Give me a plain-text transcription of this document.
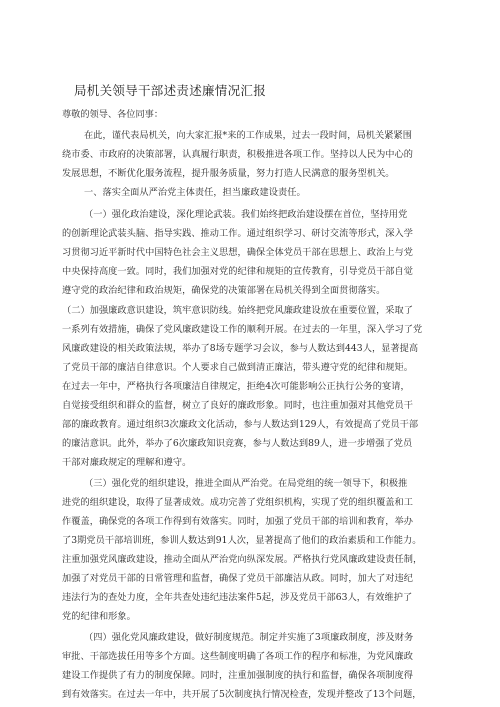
局机关领导干部述责述廉情况汇报
尊敬的领导、各位同事：
在此，谨代表局机关，向大家汇报*来的工作成果，过去一段时间，局机关紧紧围
绕市委、市政府的决策部署，认真履行职责，积极推进各项工作。坚持以人民为中心的
发展思想，不断优化服务流程，提升服务质量，努力打造人民满意的服务型机关。
一、落实全面从严治党主体责任，担当廉政建设责任。
（一）强化政治建设，深化理论武装。我们始终把政治建设摆在首位，坚持用党
的创新理论武装头脑、指导实践、推动工作。通过组织学习、研讨交流等形式，深入学
习贯彻习近平新时代中国特色社会主义思想，确保全体党员干部在思想上、政治上与党
中央保持高度一致。同时，我们加强对党的纪律和规矩的宣传教育，引导党员干部自觉
遵守党的政治纪律和政治规矩，确保党的决策部署在局机关得到全面贯彻落实。
（二）加强廉政意识建设，筑牢意识防线。始终把党风廉政建设放在重要位置，采取了
一系列有效措施，确保了党风廉政建设工作的顺利开展。在过去的一年里，深入学习了党
风廉政建设的相关政策法规，举办了8场专题学习会议，参与人数达到443人，显著提高
了党员干部的廉洁自律意识。个人要求自己做到清正廉洁，带头遵守党的纪律和规矩。
在过去一年中，严格执行各项廉洁自律规定，拒绝4次可能影响公正执行公务的宴请，
自觉接受组织和群众的监督，树立了良好的廉政形象。同时，也注重加强对其他党员干
部的廉政教育。通过组织3次廉政文化活动，参与人数达到129人，有效提高了党员干部
的廉洁意识。此外，举办了6次廉政知识竞赛，参与人数达到89人，进一步增强了党员
干部对廉政规定的理解和遵守。
（三）强化党的组织建设，推进全面从严治党。在局党组的统一领导下，积极推
进党的组织建设，取得了显著成效。成功完善了党组织机构，实现了党的组织覆盖和工
作覆盖，确保党的各项工作得到有效落实。同时，加强了党员干部的培训和教育，举办
了3期党员干部培训班，参训人数达到91人次，显著提高了他们的政治素质和工作能力。
注重加强党风廉政建设，推动全面从严治党向纵深发展。严格执行党风廉政建设责任制，
加强了对党员干部的日常管理和监督，确保了党员干部廉洁从政。同时，加大了对违纪
违法行为的查处力度，全年共查处违纪违法案件5起，涉及党员干部63人，有效维护了
党的纪律和形象。
（四）强化党风廉政建设，做好制度规范。制定并实施了3项廉政制度，涉及财务
审批、干部选拔任用等多个方面。这些制度明确了各项工作的程序和标准，为党风廉政
建设工作提供了有力的制度保障。同时，注重加强制度的执行和监督，确保各项制度得
到有效落实。在过去一年中，共开展了5次制度执行情况检查，发现并整改了13个问题，
